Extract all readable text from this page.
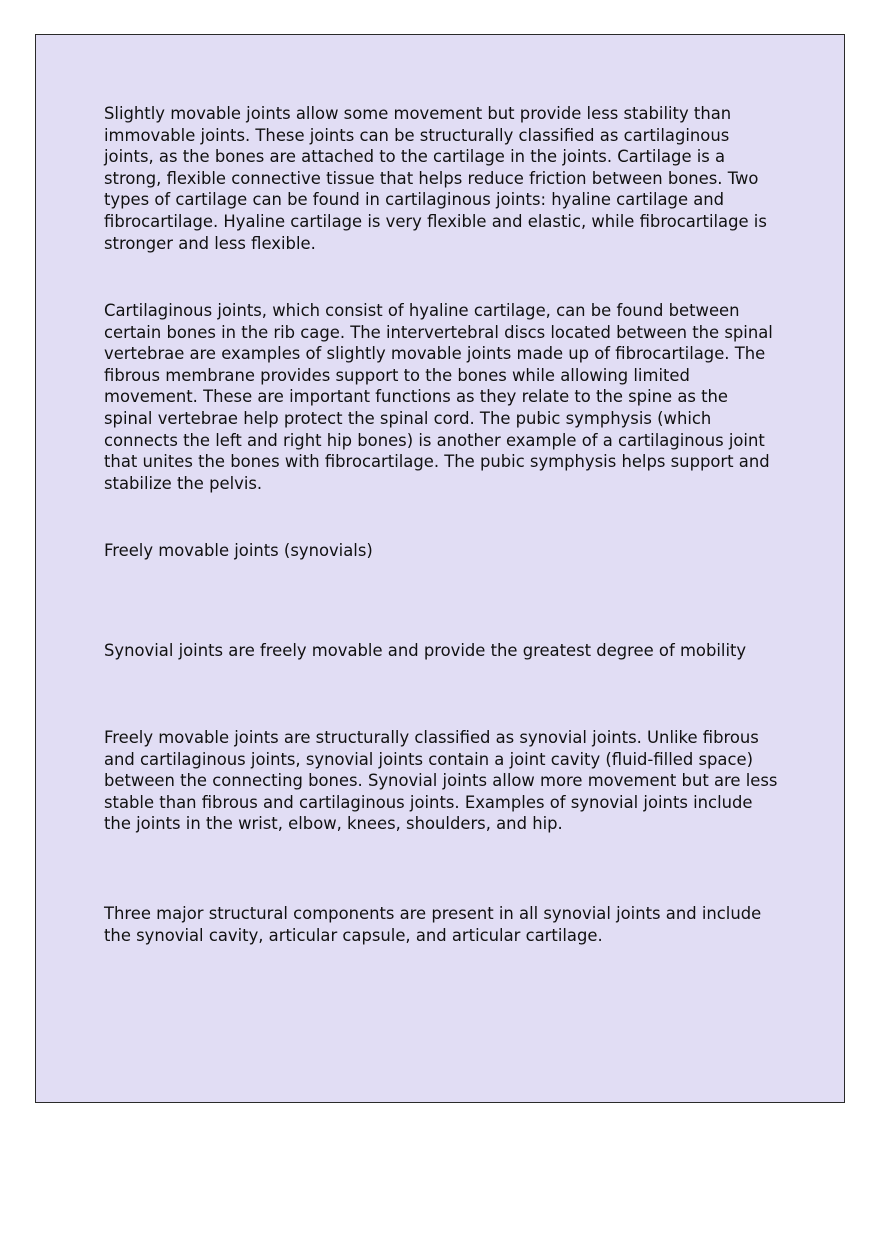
Slightly movable joints allow some movement but provide less stability than immovable joints. These joints can be structurally classified as cartilaginous joints, as the bones are attached to the cartilage in the joints. Cartilage is a strong, flexible connective tissue that helps reduce friction between bones. Two types of cartilage can be found in cartilaginous joints: hyaline cartilage and fibrocartilage. Hyaline cartilage is very flexible and elastic, while fibrocartilage is stronger and less flexible.

Cartilaginous joints, which consist of hyaline cartilage, can be found between certain bones in the rib cage. The intervertebral discs located between the spinal vertebrae are examples of slightly movable joints made up of fibrocartilage. The fibrous membrane provides support to the bones while allowing limited movement. These are important functions as they relate to the spine as the spinal vertebrae help protect the spinal cord. The pubic symphysis (which connects the left and right hip bones) is another example of a cartilaginous joint that unites the bones with fibrocartilage. The pubic symphysis helps support and stabilize the pelvis.

Freely movable joints (synovials)

Synovial joints are freely movable and provide the greatest degree of mobility

Freely movable joints are structurally classified as synovial joints. Unlike fibrous and cartilaginous joints, synovial joints contain a joint cavity (fluid-filled space) between the connecting bones. Synovial joints allow more movement but are less stable than fibrous and cartilaginous joints. Examples of synovial joints include the joints in the wrist, elbow, knees, shoulders, and hip.

Three major structural components are present in all synovial joints and include the synovial cavity, articular capsule, and articular cartilage.
